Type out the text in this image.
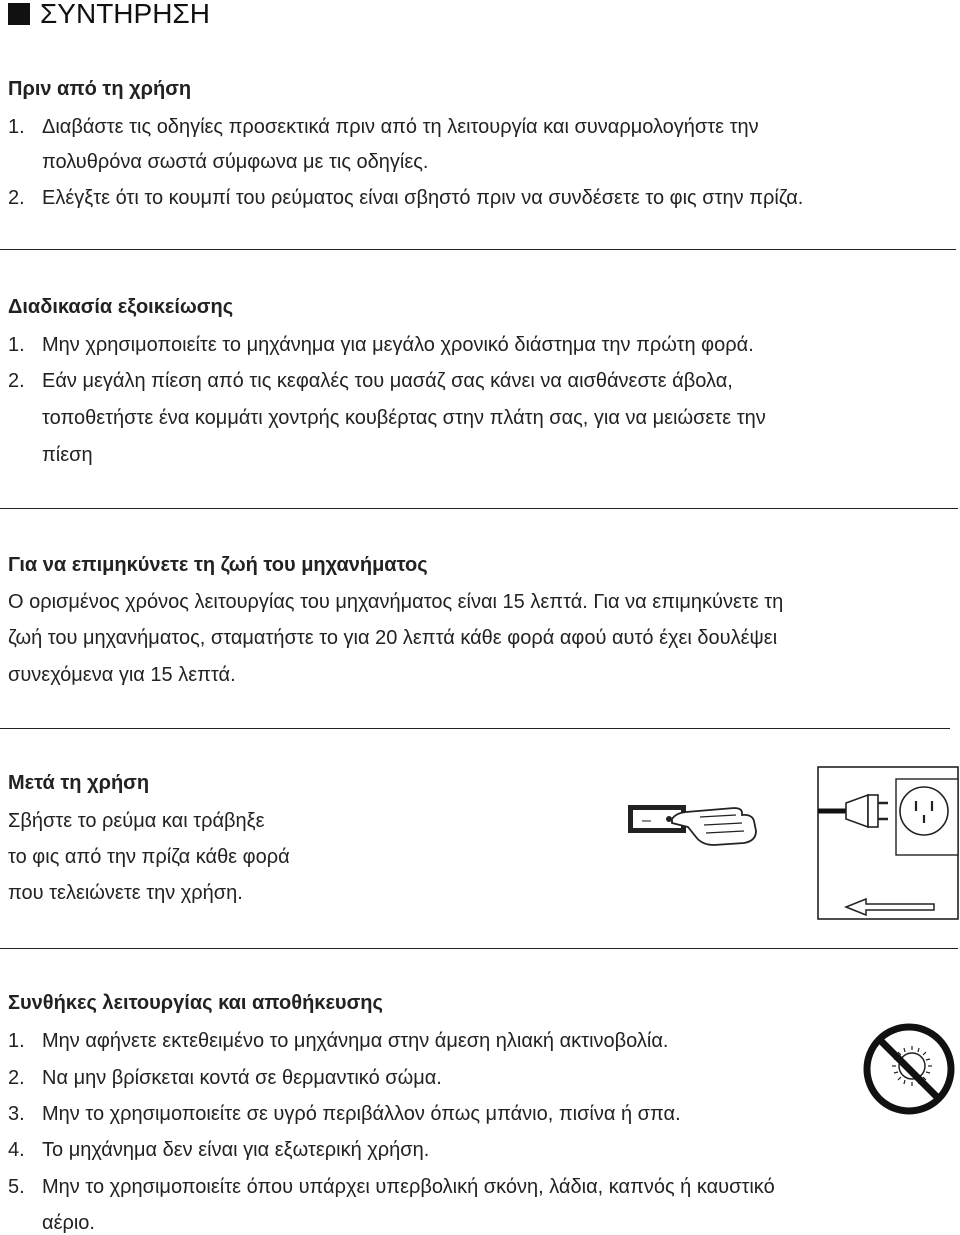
ΣΥΝΤΗΡΗΣΗ
Πριν από τη χρήση
1. Διαβάστε τις οδηγίες προσεκτικά πριν από τη λειτουργία και συναρμολογήστε την
πολυθρόνα σωστά σύμφωνα με τις οδηγίες.
2. Ελέγξτε ότι το κουμπί του ρεύματος είναι σβηστό πριν να συνδέσετε το φις στην πρίζα.
Διαδικασία εξοικείωσης
1. Μην χρησιμοποιείτε το μηχάνημα για μεγάλο χρονικό διάστημα την πρώτη φορά.
2. Εάν μεγάλη πίεση από τις κεφαλές του μασάζ σας κάνει να αισθάνεστε άβολα,
τοποθετήστε ένα κομμάτι χοντρής κουβέρτας στην πλάτη σας, για να μειώσετε την
πίεση
Για να επιμηκύνετε τη ζωή του μηχανήματος
Ο ορισμένος χρόνος λειτουργίας του μηχανήματος είναι 15 λεπτά. Για να επιμηκύνετε τη
ζωή του μηχανήματος, σταματήστε το για 20 λεπτά κάθε φορά αφού αυτό έχει δουλέψει
συνεχόμενα για 15 λεπτά.
Μετά τη χρήση
Σβήστε το ρεύμα και τράβηξε
το φις από την πρίζα κάθε φορά
που τελειώνετε την χρήση.
–
Συνθήκες λειτουργίας και αποθήκευσης
1. Μην αφήνετε εκτεθειμένο το μηχάνημα στην άμεση ηλιακή ακτινοβολία.
2. Να μην βρίσκεται κοντά σε θερμαντικό σώμα.
3. Μην το χρησιμοποιείτε σε υγρό περιβάλλον όπως μπάνιο, πισίνα ή σπα.
4. Το μηχάνημα δεν είναι για εξωτερική χρήση.
5. Μην το χρησιμοποιείτε όπου υπάρχει υπερβολική σκόνη, λάδια, καπνός ή καυστικό
αέριο.
